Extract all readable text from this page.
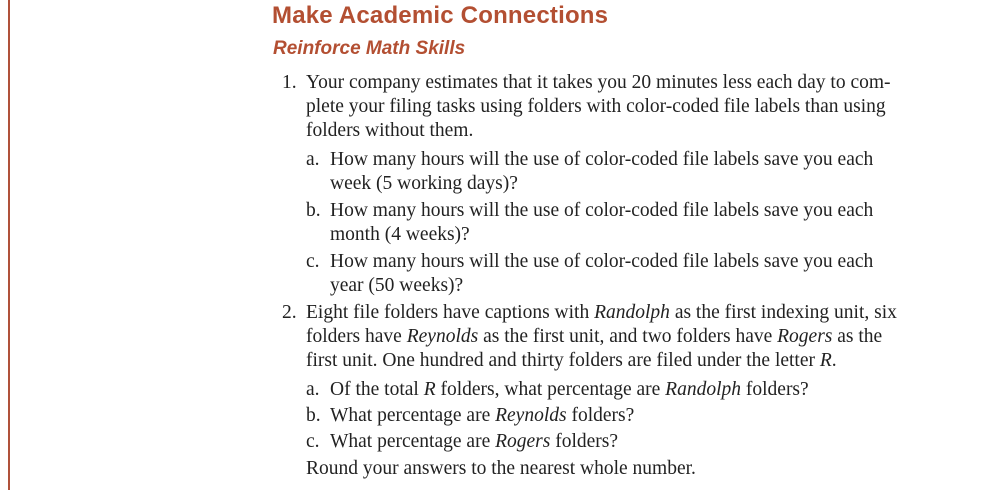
Make Academic Connections
Reinforce Math Skills
1. Your company estimates that it takes you 20 minutes less each day to com-
plete your filing tasks using folders with color-coded file labels than using
folders without them.
a. How many hours will the use of color-coded file labels save you each
week (5 working days)?
b. How many hours will the use of color-coded file labels save you each
month (4 weeks)?
c. How many hours will the use of color-coded file labels save you each
year (50 weeks)?
2. Eight file folders have captions with Randolph as the first indexing unit, six
folders have Reynolds as the first unit, and two folders have Rogers as the
first unit. One hundred and thirty folders are filed under the letter R.
a. Of the total R folders, what percentage are Randolph folders?
b. What percentage are Reynolds folders?
c. What percentage are Rogers folders?
Round your answers to the nearest whole number.
